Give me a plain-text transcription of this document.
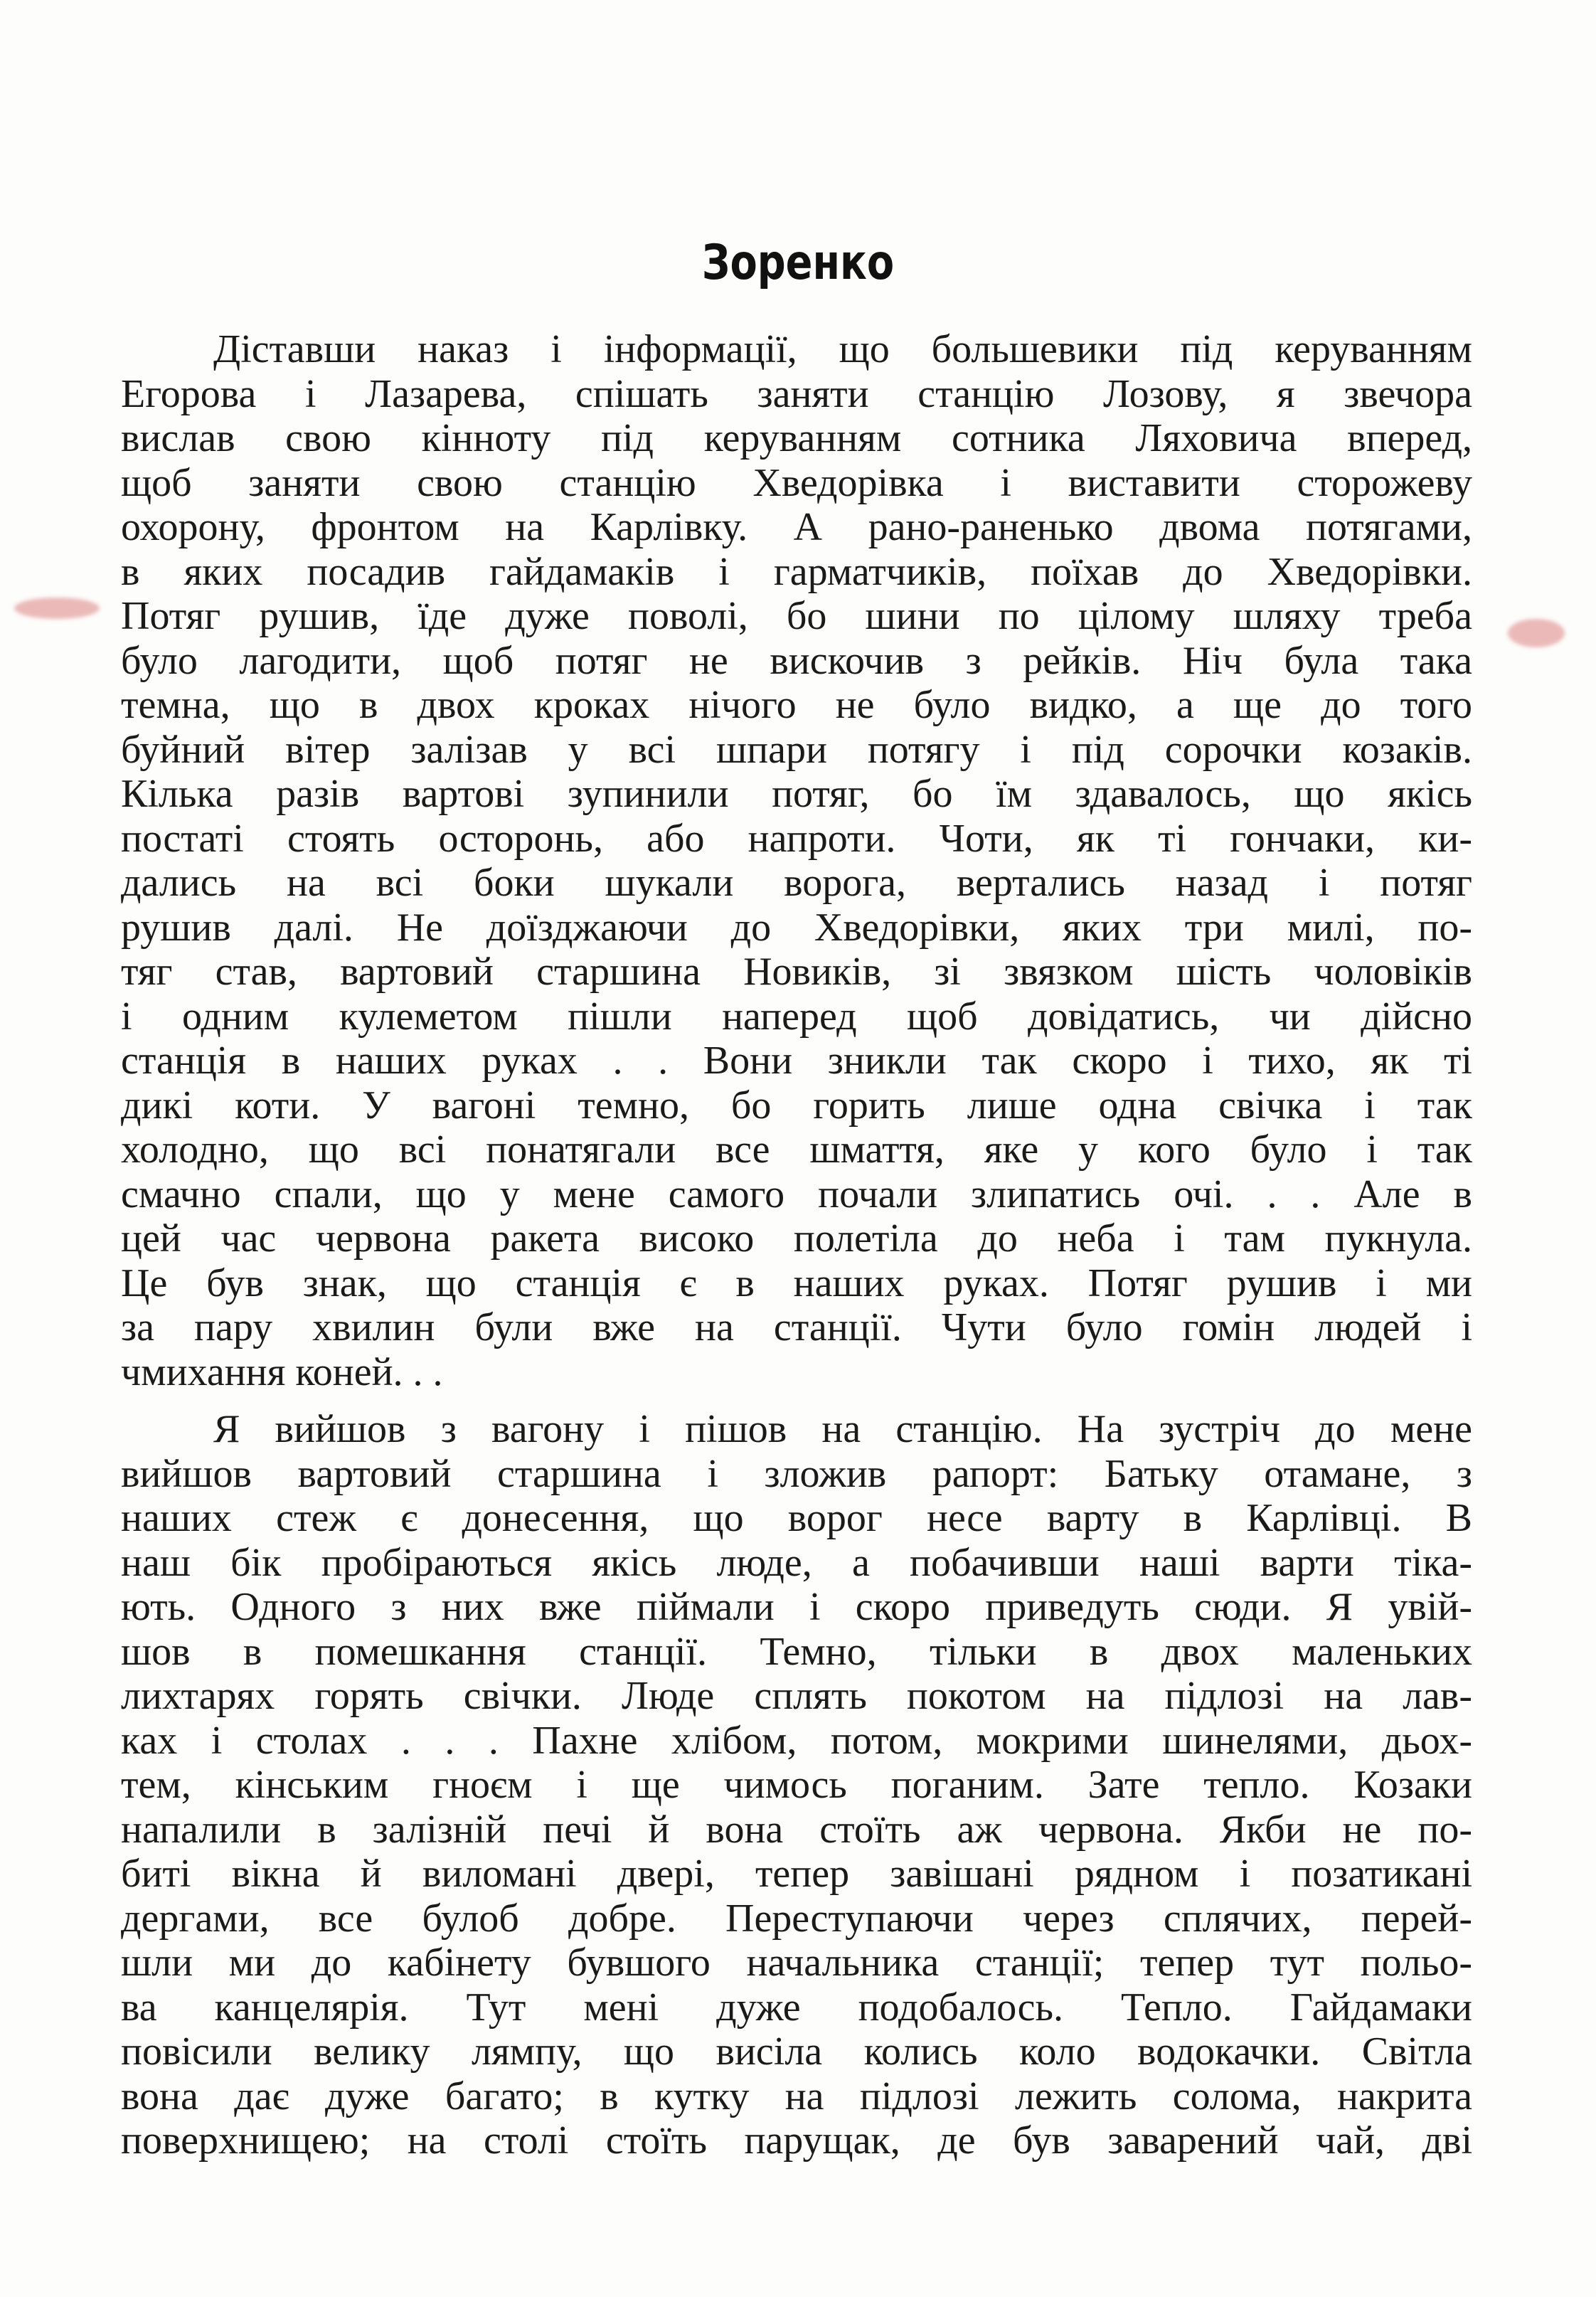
Зоренко
Діставши наказ і інформації, що большевики під керуванням
Егорова і Лазарева, спішать заняти станцію Лозову, я звечора
вислав свою кінноту під керуванням сотника Ляховича вперед,
щоб заняти свою станцію Хведорівка і виставити сторожеву
охорону, фронтом на Карлівку. А рано-раненько двома потягами,
в яких посадив гайдамаків і гарматчиків, поїхав до Хведорівки.
Потяг рушив, їде дуже поволі, бо шини по цілому шляху треба
було лагодити, щоб потяг не вискочив з рейків. Ніч була така
темна, що в двох кроках нічого не було видко, а ще до того
буйний вітер залізав у всі шпари потягу і під сорочки козаків.
Кілька разів вартові зупинили потяг, бо їм здавалось, що якісь
постаті стоять осторонь, або напроти. Чоти, як ті гончаки, ки-
дались на всі боки шукали ворога, вертались назад і потяг
рушив далі. Не доїзджаючи до Хведорівки, яких три милі, по-
тяг став, вартовий старшина Новиків, зі звязком шість чоловіків
і одним кулеметом пішли наперед щоб довідатись, чи дійсно
станція в наших руках . . Вони зникли так скоро і тихо, як ті
дикі коти. У вагоні темно, бо горить лише одна свічка і так
холодно, що всі понатягали все шмаття, яке у кого було і так
смачно спали, що у мене самого почали злипатись очі. . . Але в
цей час червона ракета високо полетіла до неба і там пукнула.
Це був знак, що станція є в наших руках. Потяг рушив і ми
за пару хвилин були вже на станції. Чути було гомін людей і
чмихання коней. . .
Я вийшов з вагону і пішов на станцію. На зустріч до мене
вийшов вартовий старшина і зложив рапорт: Батьку отамане, з
наших стеж є донесення, що ворог несе варту в Карлівці. В
наш бік пробіраються якісь люде, а побачивши наші варти тіка-
ють. Одного з них вже піймали і скоро приведуть сюди. Я увій-
шов в помешкання станції. Темно, тільки в двох маленьких
лихтарях горять свічки. Люде сплять покотом на підлозі на лав-
ках і столах . . . Пахне хлібом, потом, мокрими шинелями, дьох-
тем, кінським гноєм і ще чимось поганим. Зате тепло. Козаки
напалили в залізній печі й вона стоїть аж червона. Якби не по-
биті вікна й виломані двері, тепер завішані рядном і позатикані
дергами, все булоб добре. Переступаючи через сплячих, перей-
шли ми до кабінету бувшого начальника станції; тепер тут польо-
ва канцелярія. Тут мені дуже подобалось. Тепло. Гайдамаки
повісили велику лямпу, що висіла колись коло водокачки. Світла
вона дає дуже багато; в кутку на підлозі лежить солома, накрита
поверхнищею; на столі стоїть парущак, де був заварений чай, дві
